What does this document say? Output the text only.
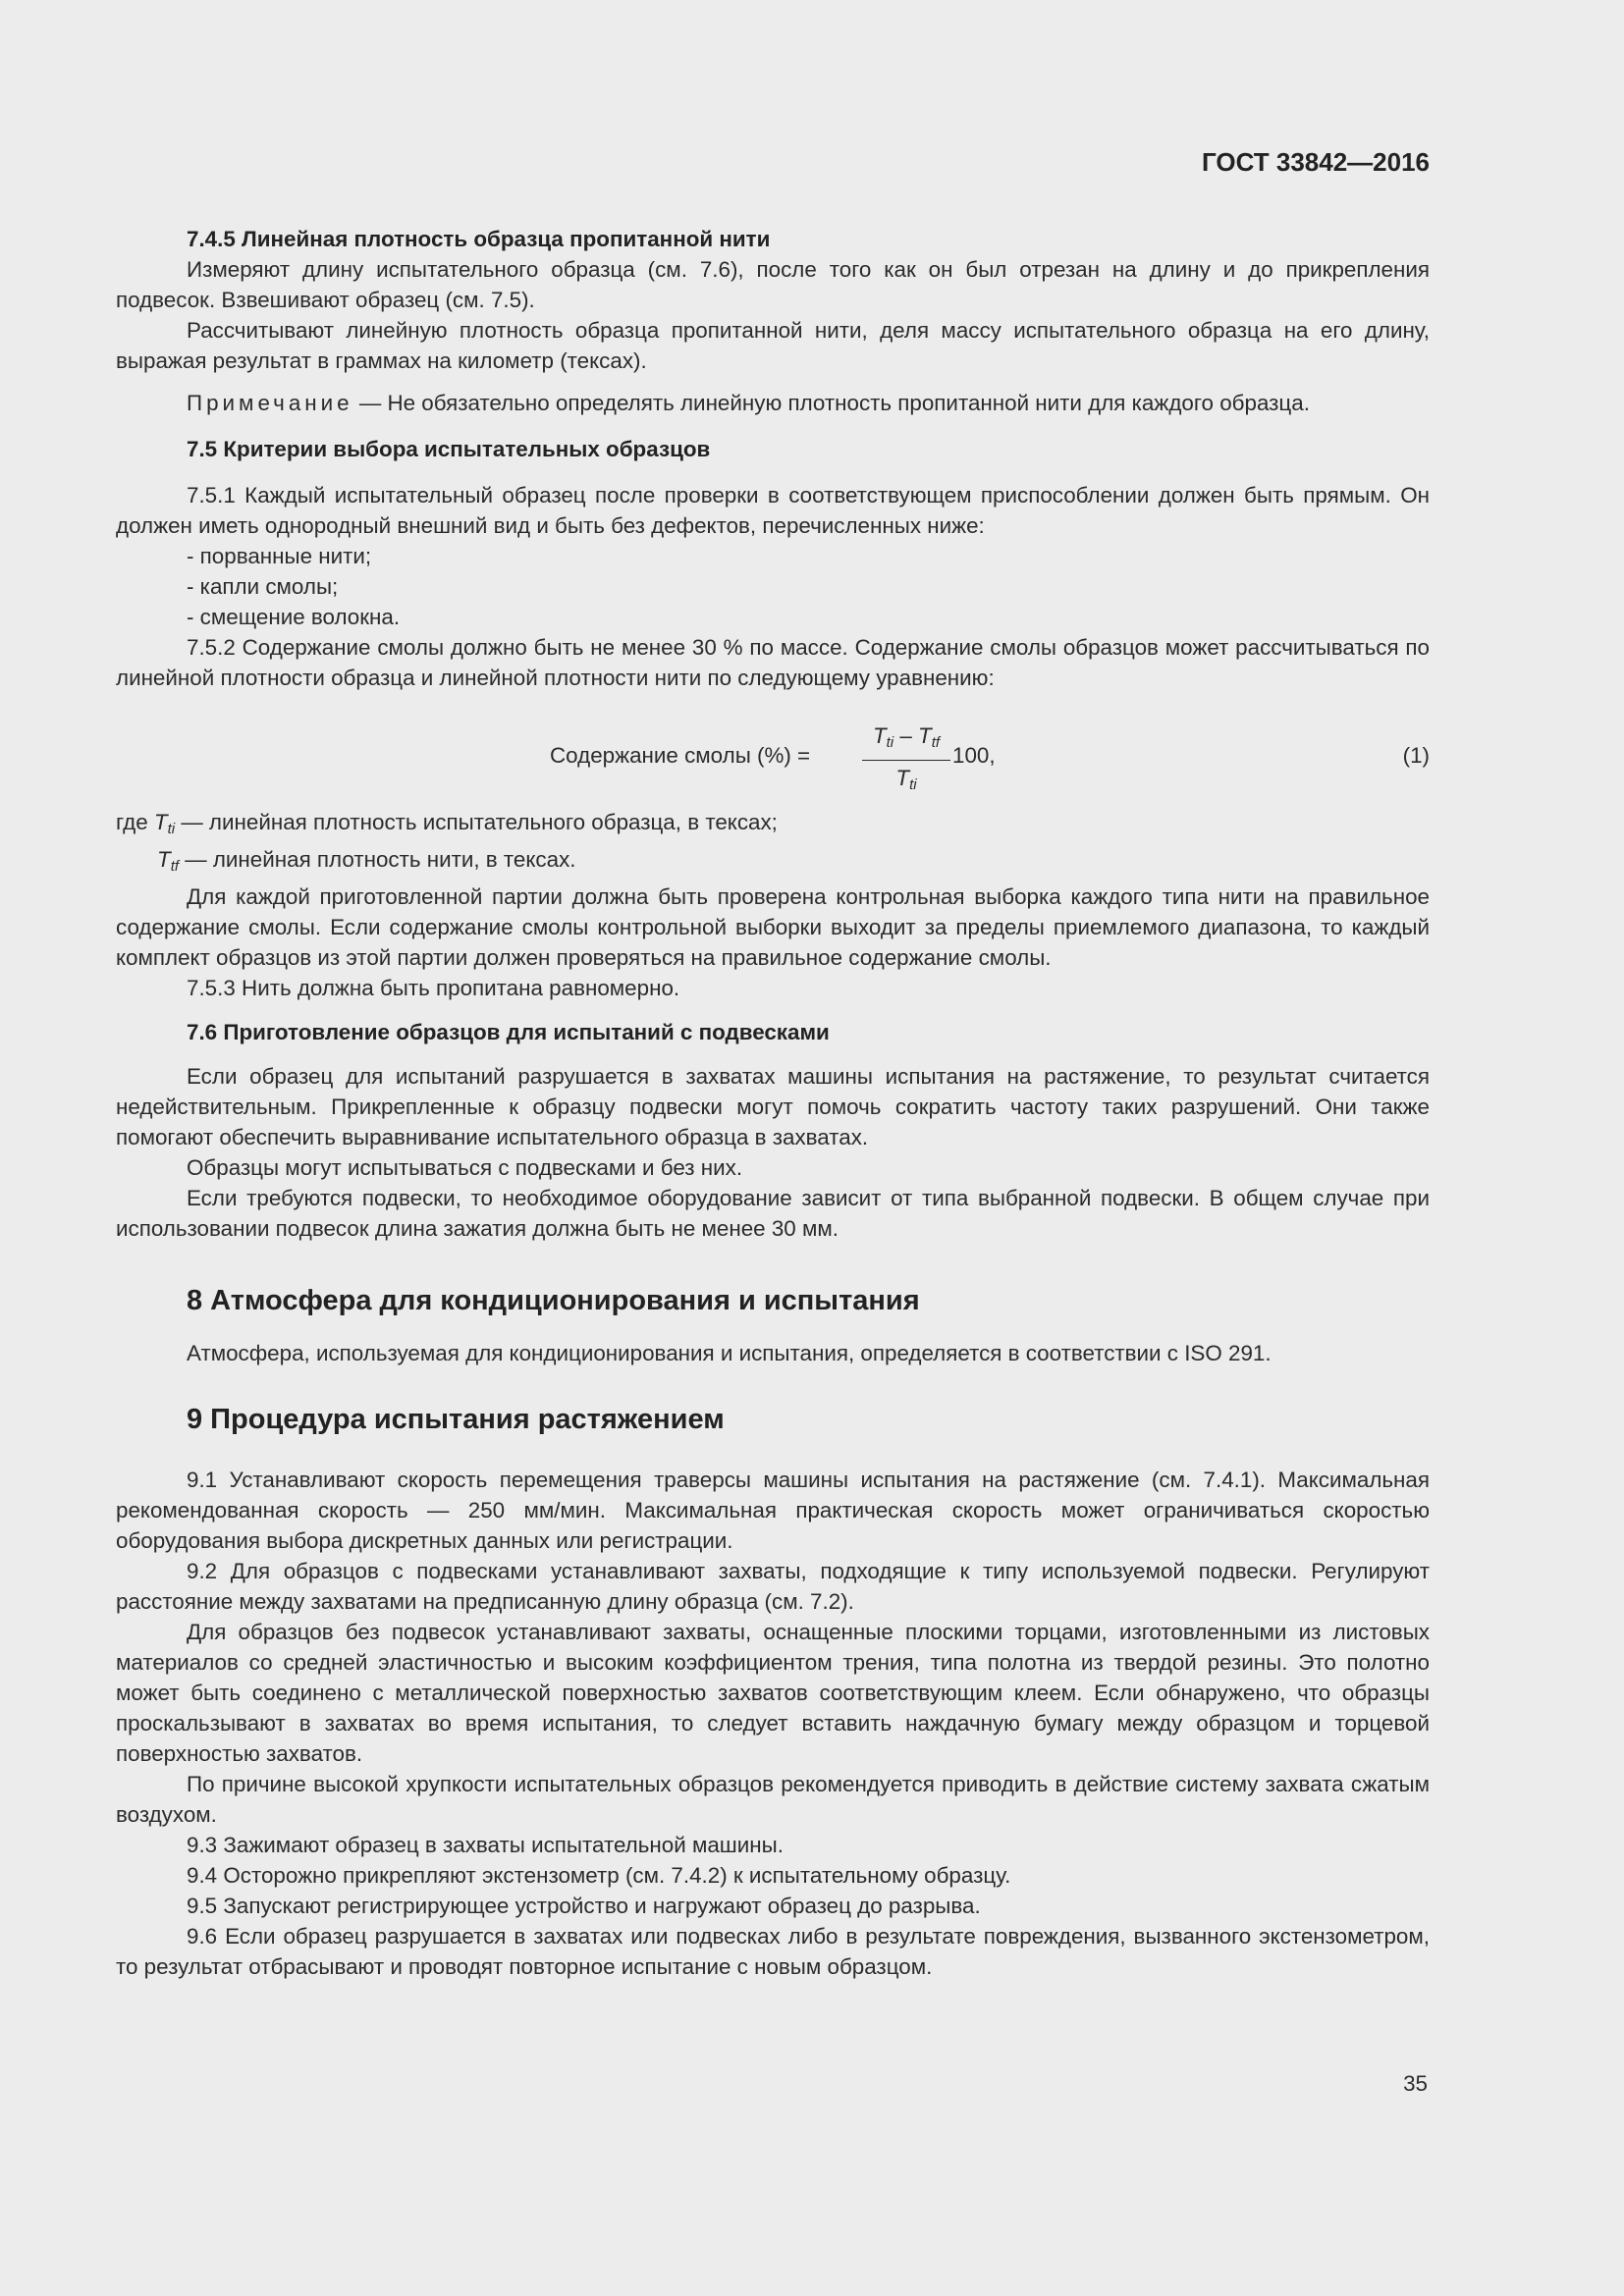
ГОСТ 33842—2016

7.4.5 Линейная плотность образца пропитанной нити

Измеряют длину испытательного образца (см. 7.6), после того как он был отрезан на длину и до прикрепления подвесок. Взвешивают образец (см. 7.5).

Рассчитывают линейную плотность образца пропитанной нити, деля массу испытательного образца на его длину, выражая результат в граммах на километр (тексах).

Примечание — Не обязательно определять линейную плотность пропитанной нити для каждого образца.

7.5 Критерии выбора испытательных образцов

7.5.1 Каждый испытательный образец после проверки в соответствующем приспособлении должен быть прямым. Он должен иметь однородный внешний вид и быть без дефектов, перечисленных ниже:

- порванные нити;

- капли смолы;

- смещение волокна.

7.5.2 Содержание смолы должно быть не менее 30 % по массе. Содержание смолы образцов может рассчитываться по линейной плотности образца и линейной плотности нити по следующему уравнению:

Содержание смолы (%) =
$T_{ti} - T_{tf}$
$T_{ti}$
100,	(1)

где $T_{ti}$ — линейная плотность испытательного образца, в тексах;

$T_{tf}$ — линейная плотность нити, в тексах.

Для каждой приготовленной партии должна быть проверена контрольная выборка каждого типа нити на правильное содержание смолы. Если содержание смолы контрольной выборки выходит за пределы приемлемого диапазона, то каждый комплект образцов из этой партии должен проверяться на правильное содержание смолы.

7.5.3 Нить должна быть пропитана равномерно.

7.6 Приготовление образцов для испытаний с подвесками

Если образец для испытаний разрушается в захватах машины испытания на растяжение, то результат считается недействительным. Прикрепленные к образцу подвески могут помочь сократить частоту таких разрушений. Они также помогают обеспечить выравнивание испытательного образца в захватах.

Образцы могут испытываться с подвесками и без них.

Если требуются подвески, то необходимое оборудование зависит от типа выбранной подвески. В общем случае при использовании подвесок длина зажатия должна быть не менее 30 мм.

8 Атмосфера для кондиционирования и испытания

Атмосфера, используемая для кондиционирования и испытания, определяется в соответствии с ISO 291.

9 Процедура испытания растяжением

9.1 Устанавливают скорость перемещения траверсы машины испытания на растяжение (см. 7.4.1). Максимальная рекомендованная скорость — 250 мм/мин. Максимальная практическая скорость может ограничиваться скоростью оборудования выбора дискретных данных или регистрации.

9.2 Для образцов с подвесками устанавливают захваты, подходящие к типу используемой подвески. Регулируют расстояние между захватами на предписанную длину образца (см. 7.2).

Для образцов без подвесок устанавливают захваты, оснащенные плоскими торцами, изготовленными из листовых материалов со средней эластичностью и высоким коэффициентом трения, типа полотна из твердой резины. Это полотно может быть соединено с металлической поверхностью захватов соответствующим клеем. Если обнаружено, что образцы проскальзывают в захватах во время испытания, то следует вставить наждачную бумагу между образцом и торцевой поверхностью захватов.

По причине высокой хрупкости испытательных образцов рекомендуется приводить в действие систему захвата сжатым воздухом.

9.3 Зажимают образец в захваты испытательной машины.

9.4 Осторожно прикрепляют экстензометр (см. 7.4.2) к испытательному образцу.

9.5 Запускают регистрирующее устройство и нагружают образец до разрыва.

9.6 Если образец разрушается в захватах или подвесках либо в результате повреждения, вызванного экстензометром, то результат отбрасывают и проводят повторное испытание с новым образцом.

35
